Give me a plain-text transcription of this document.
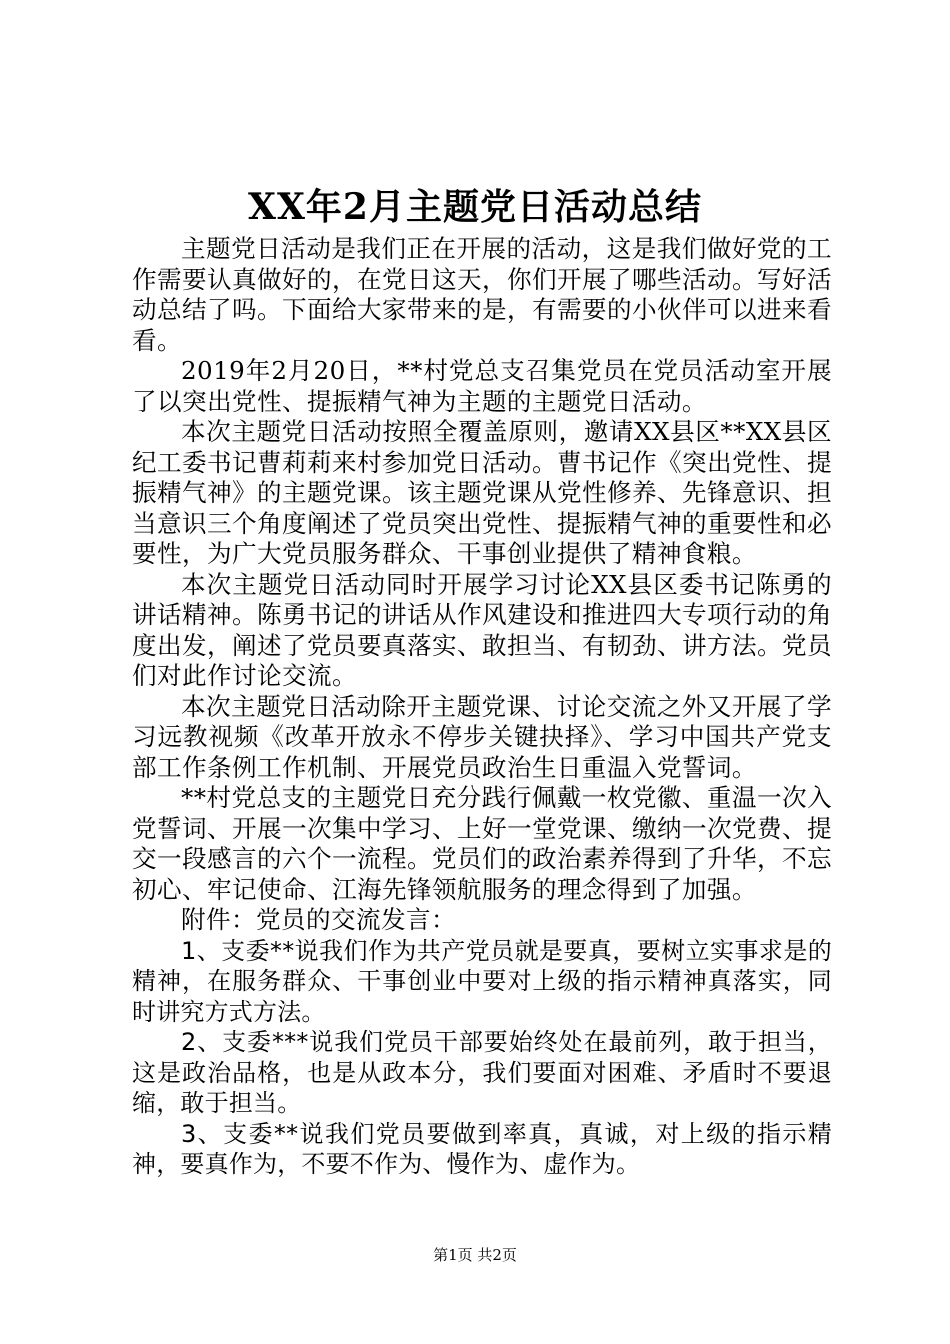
XX年2月主题党日活动总结

主题党日活动是我们正在开展的活动，这是我们做好党的工作需要认真做好的，在党日这天，你们开展了哪些活动。写好活动总结了吗。下面给大家带来的是，有需要的小伙伴可以进来看看。

2019年2月20日，**村党总支召集党员在党员活动室开展了以突出党性、提振精气神为主题的主题党日活动。

本次主题党日活动按照全覆盖原则，邀请XX县区**XX县区纪工委书记曹莉莉来村参加党日活动。曹书记作《突出党性、提振精气神》的主题党课。该主题党课从党性修养、先锋意识、担当意识三个角度阐述了党员突出党性、提振精气神的重要性和必要性，为广大党员服务群众、干事创业提供了精神食粮。

本次主题党日活动同时开展学习讨论XX县区委书记陈勇的讲话精神。陈勇书记的讲话从作风建设和推进四大专项行动的角度出发，阐述了党员要真落实、敢担当、有韧劲、讲方法。党员们对此作讨论交流。

本次主题党日活动除开主题党课、讨论交流之外又开展了学习远教视频《改革开放永不停步关键抉择》、学习中国共产党支部工作条例工作机制、开展党员政治生日重温入党誓词。

**村党总支的主题党日充分践行佩戴一枚党徽、重温一次入党誓词、开展一次集中学习、上好一堂党课、缴纳一次党费、提交一段感言的六个一流程。党员们的政治素养得到了升华，不忘初心、牢记使命、江海先锋领航服务的理念得到了加强。

附件：党员的交流发言：

1、支委**说我们作为共产党员就是要真，要树立实事求是的精神，在服务群众、干事创业中要对上级的指示精神真落实，同时讲究方式方法。

2、支委***说我们党员干部要始终处在最前列，敢于担当，这是政治品格，也是从政本分，我们要面对困难、矛盾时不要退缩，敢于担当。

3、支委**说我们党员要做到率真，真诚，对上级的指示精神，要真作为，不要不作为、慢作为、虚作为。

第1页 共2页
